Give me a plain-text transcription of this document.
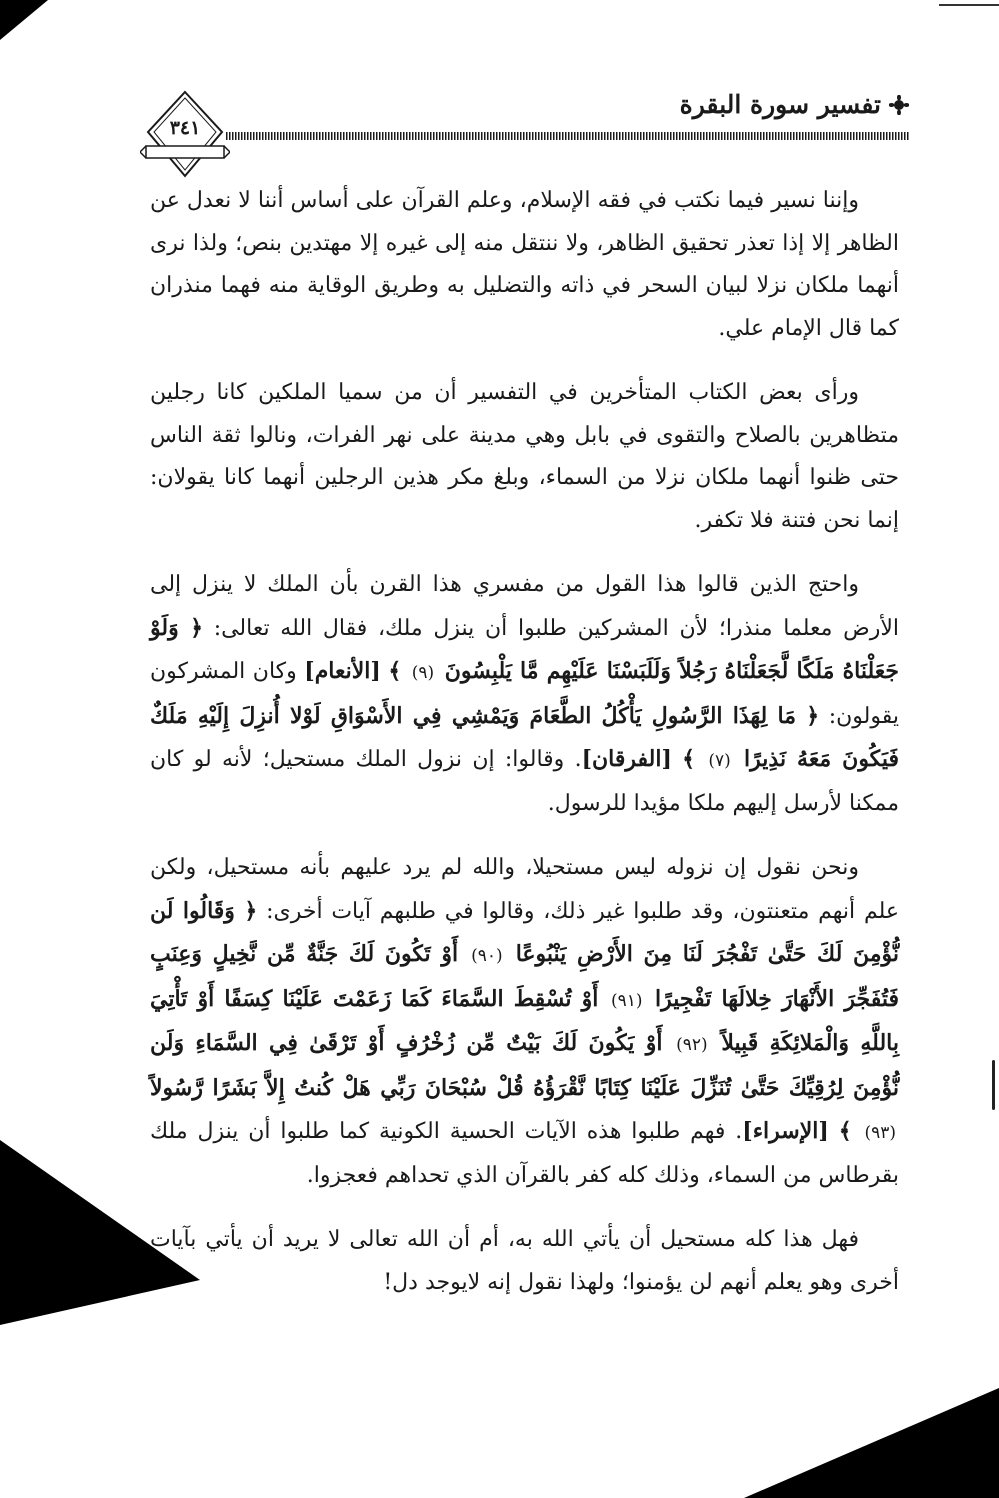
تفسير سورة البقرة
٣٤١

وإننا نسير فيما نكتب في فقه الإسلام، وعلم القرآن على أساس أننا لا نعدل عن الظاهر إلا إذا تعذر تحقيق الظاهر، ولا ننتقل منه إلى غيره إلا مهتدين بنص؛ ولذا نرى أنهما ملكان نزلا لبيان السحر في ذاته والتضليل به وطريق الوقاية منه فهما منذران كما قال الإمام علي.

ورأى بعض الكتاب المتأخرين في التفسير أن من سميا الملكين كانا رجلين متظاهرين بالصلاح والتقوى في بابل وهي مدينة على نهر الفرات، ونالوا ثقة الناس حتى ظنوا أنهما ملكان نزلا من السماء، وبلغ مكر هذين الرجلين أنهما كانا يقولان: إنما نحن فتنة فلا تكفر.

واحتج الذين قالوا هذا القول من مفسري هذا القرن بأن الملك لا ينزل إلى الأرض معلما منذرا؛ لأن المشركين طلبوا أن ينزل ملك، فقال الله تعالى: ﴿ وَلَوْ جَعَلْنَاهُ مَلَكًا لَّجَعَلْنَاهُ رَجُلاً وَلَلَبَسْنَا عَلَيْهِم مَّا يَلْبِسُونَ (٩) ﴾ [الأنعام] وكان المشركون يقولون: ﴿ مَا لِهَذَا الرَّسُولِ يَأْكُلُ الطَّعَامَ وَيَمْشِي فِي الأَسْوَاقِ لَوْلا أُنزِلَ إِلَيْهِ مَلَكٌ فَيَكُونَ مَعَهُ نَذِيرًا (٧) ﴾ [الفرقان]. وقالوا: إن نزول الملك مستحيل؛ لأنه لو كان ممكنا لأرسل إليهم ملكا مؤيدا للرسول.

ونحن نقول إن نزوله ليس مستحيلا، والله لم يرد عليهم بأنه مستحيل، ولكن علم أنهم متعنتون، وقد طلبوا غير ذلك، وقالوا في طلبهم آيات أخرى: ﴿ وَقَالُوا لَن نُّؤْمِنَ لَكَ حَتَّىٰ تَفْجُرَ لَنَا مِنَ الأَرْضِ يَنْبُوعًا (٩٠) أَوْ تَكُونَ لَكَ جَنَّةٌ مِّن نَّخِيلٍ وَعِنَبٍ فَتُفَجِّرَ الأَنْهَارَ خِلالَهَا تَفْجِيرًا (٩١) أَوْ تُسْقِطَ السَّمَاءَ كَمَا زَعَمْتَ عَلَيْنَا كِسَفًا أَوْ تَأْتِيَ بِاللَّهِ وَالْمَلائِكَةِ قَبِيلاً (٩٢) أَوْ يَكُونَ لَكَ بَيْتٌ مِّن زُخْرُفٍ أَوْ تَرْقَىٰ فِي السَّمَاءِ وَلَن نُّؤْمِنَ لِرُقِيِّكَ حَتَّىٰ تُنَزِّلَ عَلَيْنَا كِتَابًا نَّقْرَؤُهُ قُلْ سُبْحَانَ رَبِّي هَلْ كُنتُ إِلاَّ بَشَرًا رَّسُولاً (٩٣) ﴾ [الإسراء]. فهم طلبوا هذه الآيات الحسية الكونية كما طلبوا أن ينزل ملك بقرطاس من السماء، وذلك كله كفر بالقرآن الذي تحداهم فعجزوا.

فهل هذا كله مستحيل أن يأتي الله به، أم أن الله تعالى لا يريد أن يأتي بآيات أخرى وهو يعلم أنهم لن يؤمنوا؛ ولهذا نقول إنه لايوجد دل!
